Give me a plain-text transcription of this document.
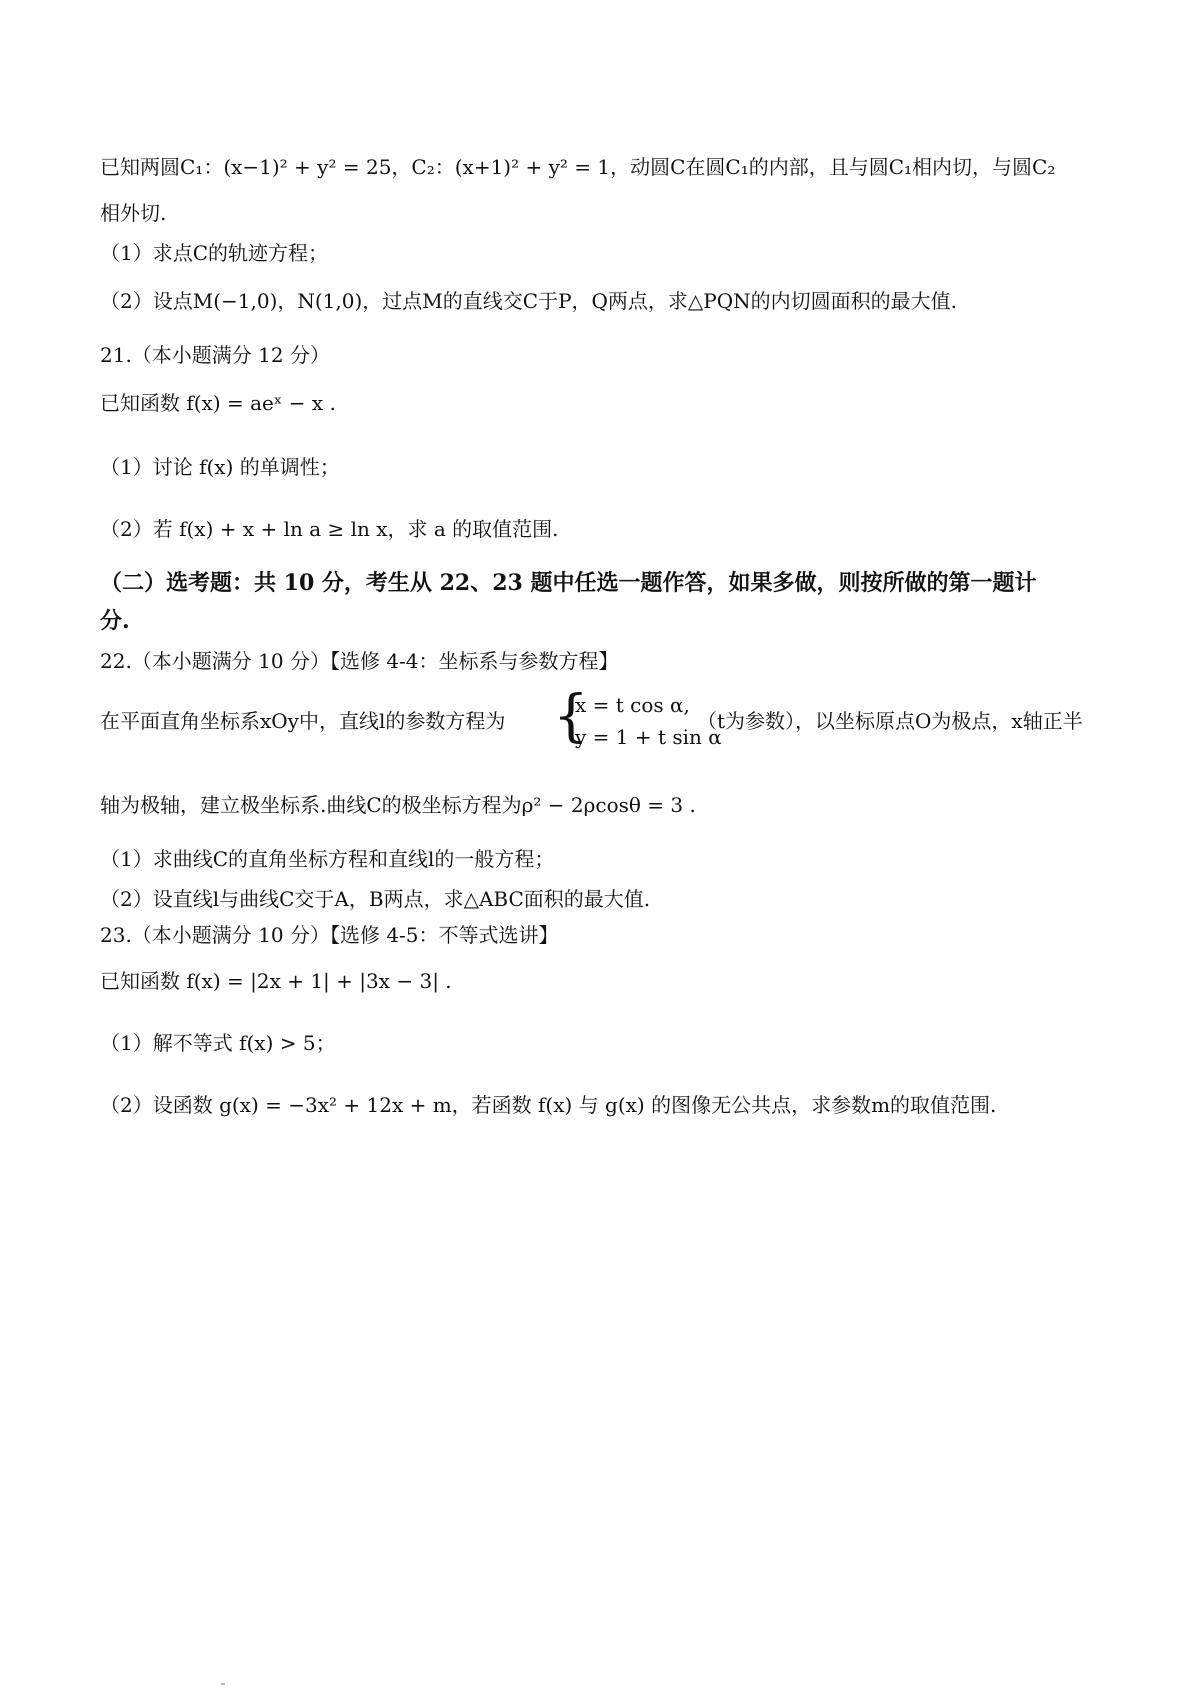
已知两圆C₁：(x−1)² + y² = 25，C₂：(x+1)² + y² = 1，动圆C在圆C₁的内部，且与圆C₁相内切，与圆C₂
相外切.
（1）求点C的轨迹方程；
（2）设点M(−1,0)，N(1,0)，过点M的直线交C于P，Q两点，求△PQN的内切圆面积的最大值.
21.（本小题满分 12 分）
已知函数 f(x) = aeˣ − x .
（1）讨论 f(x) 的单调性；
（2）若 f(x) + x + ln a ≥ ln x，求 a 的取值范围.
（二）选考题：共 10 分，考生从 22、23 题中任选一题作答，如果多做，则按所做的第一题计
分.
22.（本小题满分 10 分）【选修 4-4：坐标系与参数方程】
在平面直角坐标系xOy中，直线l的参数方程为 {
x = t cos α,
y = 1 + t sin α
（t为参数），以坐标原点O为极点，x轴正半
轴为极轴，建立极坐标系.曲线C的极坐标方程为ρ² − 2ρcosθ = 3 .
（1）求曲线C的直角坐标方程和直线l的一般方程；
（2）设直线l与曲线C交于A，B两点，求△ABC面积的最大值.
23.（本小题满分 10 分）【选修 4-5：不等式选讲】
已知函数 f(x) = |2x + 1| + |3x − 3| .
（1）解不等式 f(x) > 5；
（2）设函数 g(x) = −3x² + 12x + m，若函数 f(x) 与 g(x) 的图像无公共点，求参数m的取值范围.
